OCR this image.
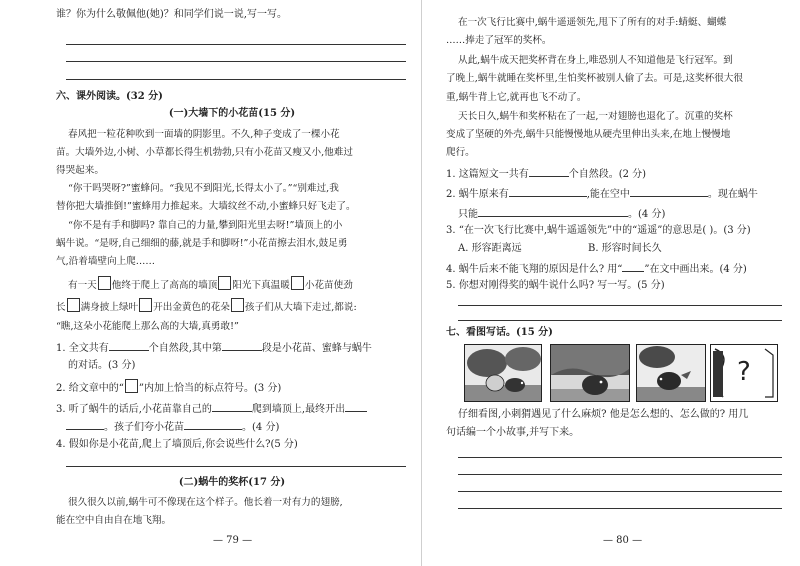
谁？你为什么敬佩他(她)？和同学们说一说,写一写。
六、课外阅读。(32 分)
(一)大墙下的小花苗(15 分)
春风把一粒花种吹到一面墙的阴影里。不久,种子变成了一棵小花
苗。大墙外边,小树、小草都长得生机勃勃,只有小花苗又瘦又小,他难过
得哭起来。
“你干吗哭呀?”蜜蜂问。“我见不到阳光,长得太小了。”“别难过,我
替你把大墙推倒!”蜜蜂用力推起来。大墙纹丝不动,小蜜蜂只好飞走了。
“你不是有手和脚吗? 靠自己的力量,攀到阳光里去呀!”墙顶上的小
蜗牛说。“是呀,自己细细的藤,就是手和脚呀!”小花苗擦去泪水,鼓足勇
气,沿着墙壁向上爬……
有一天 他终于爬上了高高的墙顶 阳光下真温暖 小花苗使劲
长 满身披上绿叶 开出金黄色的花朵 孩子们从大墙下走过,都说:
“瞧,这朵小花能爬上那么高的大墙,真勇敢!”
1. 全文共有	个自然段,其中第	段是小花苗、蜜蜂与蜗牛
的对话。(3 分)
2. 给文章中的“ ”内加上恰当的标点符号。(3 分)
3. 听了蜗牛的话后,小花苗靠自己的	爬到墙顶上,最终开出
。孩子们夸小花苗	。(4 分)
4. 假如你是小花苗,爬上了墙顶后,你会说些什么?(5 分)
(二)蜗牛的奖杯(17 分)
很久很久以前,蜗牛可不像现在这个样子。他长着一对有力的翅膀,
能在空中自由自在地飞翔。
— 79 —
在一次飞行比赛中,蜗牛遥遥领先,甩下了所有的对手:蜻蜓、蝴蝶
……捧走了冠军的奖杯。
从此,蜗牛成天把奖杯背在身上,唯恐别人不知道他是飞行冠军。到
了晚上,蜗牛就睡在奖杯里,生怕奖杯被别人偷了去。可是,这奖杯很大很
重,蜗牛背上它,就再也飞不动了。
天长日久,蜗牛和奖杯粘在了一起,一对翅膀也退化了。沉重的奖杯
变成了坚硬的外壳,蜗牛只能慢慢地从硬壳里伸出头来,在地上慢慢地
爬行。
1. 这篇短文一共有	个自然段。(2 分)
2. 蜗牛原来有	,能在空中	。现在蜗牛
只能	。(4 分)
3. “在一次飞行比赛中,蜗牛遥遥领先”中的“遥遥”的意思是( )。(3 分)
A. 形容距离远	B. 形容时间长久
4. 蜗牛后来不能飞翔的原因是什么? 用“ ”在文中画出来。(4 分)
5. 你想对刚得奖的蜗牛说什么吗? 写一写。(5 分)
七、看图写话。(15 分)
仔细看图,小刺猬遇见了什么麻烦? 他是怎么想的、怎么做的? 用几
句话编一个小故事,并写下来。
?
— 80 —
